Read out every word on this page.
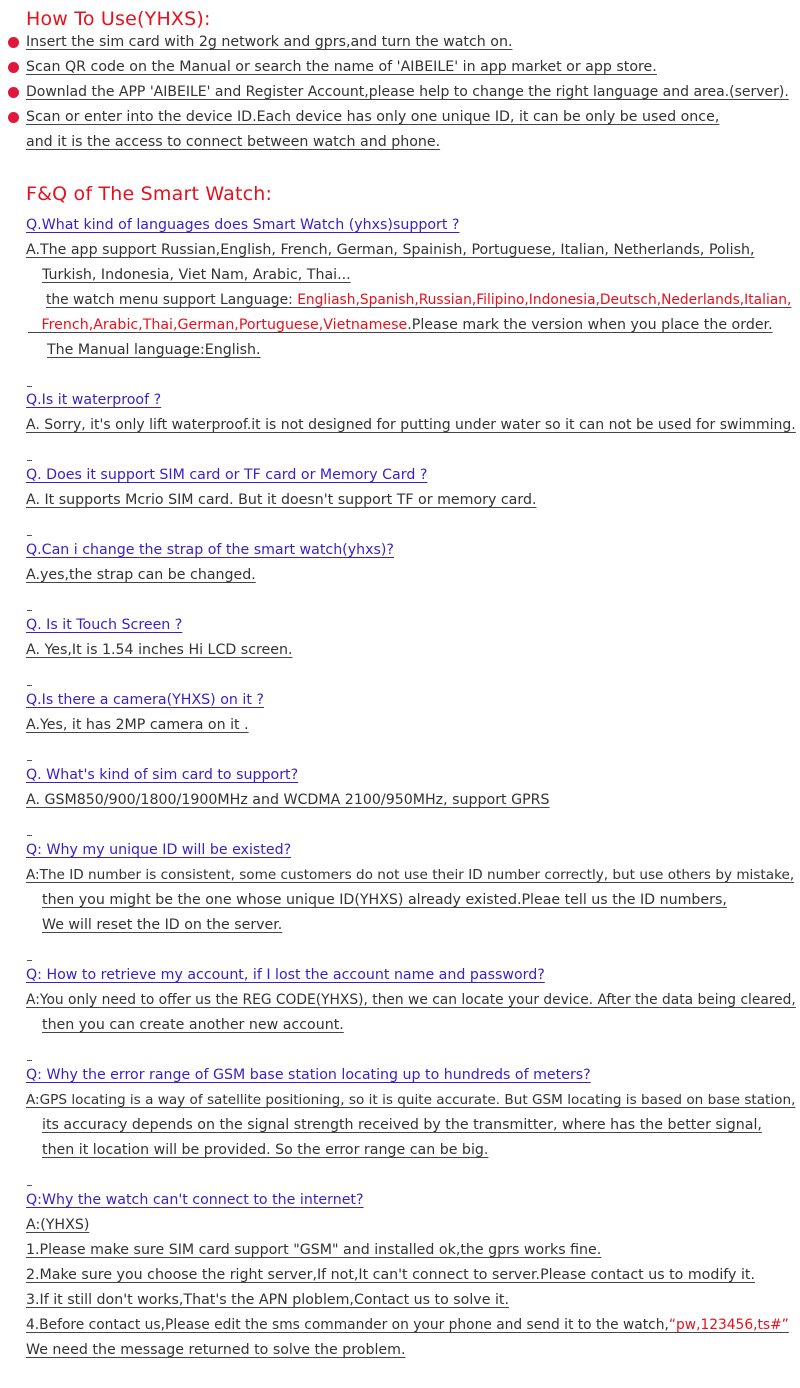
How To Use(YHXS):
Insert the sim card with 2g network and gprs,and turn the watch on.
Scan QR code on the Manual or search the name of 'AIBEILE' in app market or app store.
Downlad the APP 'AIBEILE' and Register Account,please help to change the right language and area.(server).
Scan or enter into the device ID.Each device has only one unique ID, it can be only be used once,
and it is the access to connect between watch and phone.
F&Q of The Smart Watch:
Q.What kind of languages does Smart Watch (yhxs)support ?
A.The app support Russian,English, French, German, Spainish, Portuguese, Italian, Netherlands, Polish,
Turkish, Indonesia, Viet Nam, Arabic, Thai...
the watch menu support Language: Engliash,Spanish,Russian,Filipino,Indonesia,Deutsch,Nederlands,Italian,
French,Arabic,Thai,German,Portuguese,Vietnamese.Please mark the version when you place the order.
The Manual language:English.
Q.Is it waterproof ?
A. Sorry, it's only lift waterproof.it is not designed for putting under water so it can not be used for swimming.
Q. Does it support SIM card or TF card or Memory Card ?
A. It supports Mcrio SIM card. But it doesn't support TF or memory card.
Q.Can i change the strap of the smart watch(yhxs)?
A.yes,the strap can be changed.
Q. Is it Touch Screen ?
A. Yes,It is 1.54 inches Hi LCD screen.
Q.Is there a camera(YHXS) on it ?
A.Yes, it has 2MP camera on it .
Q. What's kind of sim card to support?
A. GSM850/900/1800/1900MHz and WCDMA 2100/950MHz, support GPRS
Q: Why my unique ID will be existed?
A:The ID number is consistent, some customers do not use their ID number correctly, but use others by mistake,
then you might be the one whose unique ID(YHXS) already existed.Pleae tell us the ID numbers,
We will reset the ID on the server.
Q: How to retrieve my account, if I lost the account name and password?
A:You only need to offer us the REG CODE(YHXS), then we can locate your device. After the data being cleared,
then you can create another new account.
Q: Why the error range of GSM base station locating up to hundreds of meters?
A:GPS locating is a way of satellite positioning, so it is quite accurate. But GSM locating is based on base station,
its accuracy depends on the signal strength received by the transmitter, where has the better signal,
then it location will be provided. So the error range can be big.
Q:Why the watch can't connect to the internet?
A:(YHXS)
1.Please make sure SIM card support "GSM" and installed ok,the gprs works fine.
2.Make sure you choose the right server,If not,It can't connect to server.Please contact us to modify it.
3.If it still don't works,That's the APN ploblem,Contact us to solve it.
4.Before contact us,Please edit the sms commander on your phone and send it to the watch,“pw,123456,ts#”
We need the message returned to solve the problem.
